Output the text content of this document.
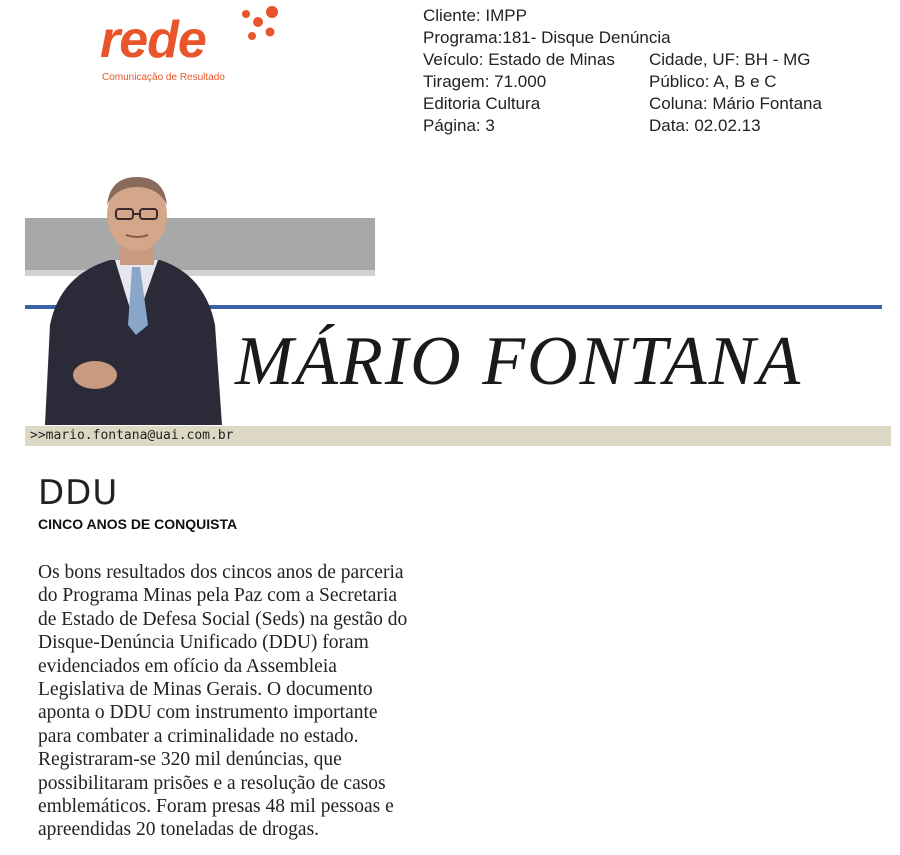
rede
Comunicação de Resultado
Cliente: IMPP
Programa:181- Disque Denúncia
Veículo: Estado de Minas Cidade, UF: BH - MG
Tiragem: 71.000	Público: A, B e C
Editoria Cultura	Coluna: Mário Fontana
Página: 3	Data: 02.02.13
MÁRIO FONTANA
>>mario.fontana@uai.com.br
DDU
CINCO ANOS DE CONQUISTA
Os bons resultados dos cincos anos de parceria
do Programa Minas pela Paz com a Secretaria
de Estado de Defesa Social (Seds) na gestão do
Disque-Denúncia Unificado (DDU) foram
evidenciados em ofício da Assembleia
Legislativa de Minas Gerais. O documento
aponta o DDU com instrumento importante
para combater a criminalidade no estado.
Registraram-se 320 mil denúncias, que
possibilitaram prisões e a resolução de casos
emblemáticos. Foram presas 48 mil pessoas e
apreendidas 20 toneladas de drogas.
